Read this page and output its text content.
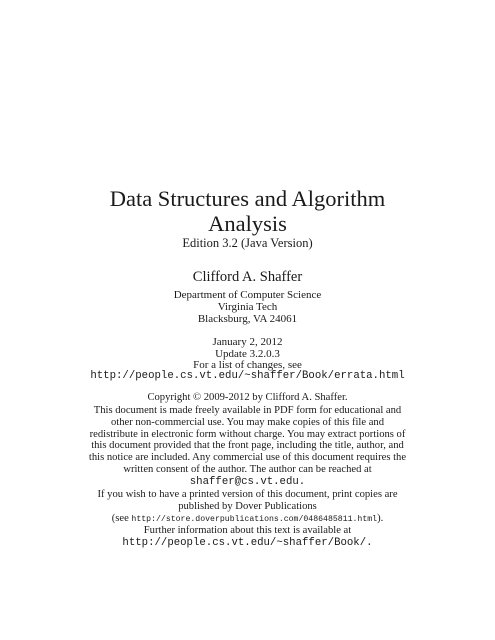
Data Structures and Algorithm
Analysis
Edition 3.2 (Java Version)
Clifford A. Shaffer
Department of Computer Science
Virginia Tech
Blacksburg, VA 24061
January 2, 2012
Update 3.2.0.3
For a list of changes, see
http://people.cs.vt.edu/~shaffer/Book/errata.html
Copyright © 2009-2012 by Clifford A. Shaffer.
This document is made freely available in PDF form for educational and
other non-commercial use. You may make copies of this file and
redistribute in electronic form without charge. You may extract portions of
this document provided that the front page, including the title, author, and
this notice are included. Any commercial use of this document requires the
written consent of the author. The author can be reached at
shaffer@cs.vt.edu.
If you wish to have a printed version of this document, print copies are
published by Dover Publications
(see http://store.doverpublications.com/0486485811.html).
Further information about this text is available at
http://people.cs.vt.edu/~shaffer/Book/.
